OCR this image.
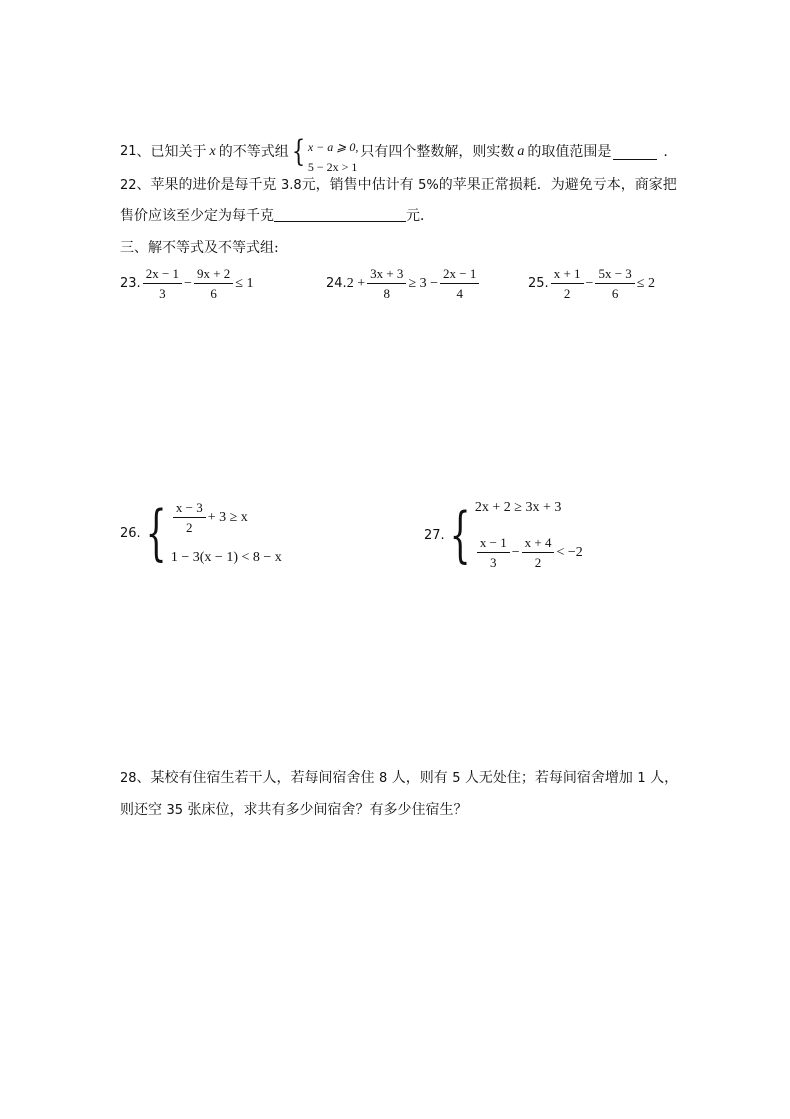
21 、已知关于 x 的不等式组 { x − a ⩾ 0,
5 − 2x > 1
只有四个整数解，则实数 a 的取值范围是	.
22、苹果的进价是每千克 3.8元，销售中估计有 5%的苹果正常损耗．为避免亏本，商家把
售价应该至少定为每千克	元．
三、解不等式及不等式组:
23. $\frac{2x - 1}{3} - \frac{9x + 2}{6} \le 1$	24. $2 + \frac{3x + 3}{8} \ge 3 - \frac{2x - 1}{4}$	25. $\frac{x + 1}{2} - \frac{5x - 3}{6} \le 2$
26. { $\frac{x - 3}{2} + 3 \ge x$
1 − 3(x − 1) < 8 − x
27. { 2x + 2 ≥ 3x + 3
$\frac{x - 1}{3} - \frac{x + 4}{2} < -2$
28、某校有住宿生若干人，若每间宿舍住 8 人，则有 5 人无处住；若每间宿舍增加 1 人，
则还空 35 张床位，求共有多少间宿舍？有多少住宿生？
